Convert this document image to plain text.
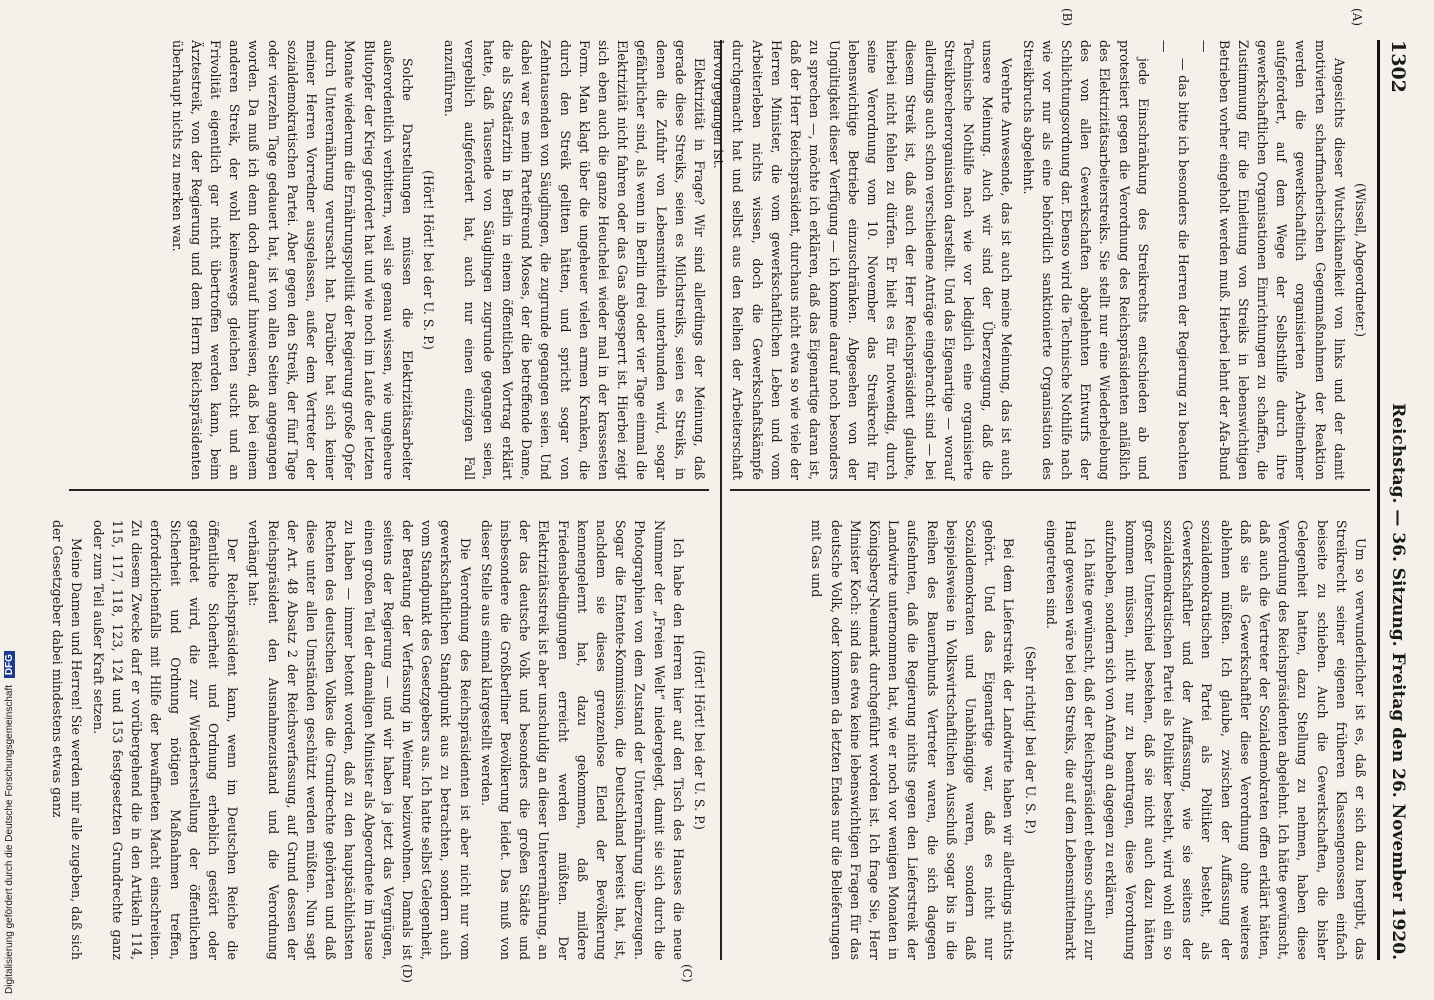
1302
Reichstag. — 36. Sitzung. Freitag den 26. November 1920.

(Wissell, Abgeordneter.)

Angesichts dieser Wutschikanelkeit von links und der damit motivierten scharfmacherischen Gegenmaßnahmen der Reaktion werden die gewerkschaftlich organisierten Arbeitnehmer aufgefordert, auf dem Wege der Selbsthilfe durch ihre gewerkschaftlichen Organisationen Einrichtungen zu schaffen, die Zustimmung für die Einleitung von Streiks in lebenswichtigen Betrieben vorher eingeholt werden muß. Hierbei lehnt der Afa-Bund —

— das bitte ich besonders die Herren der Regierung zu beachten —

jede Einschränkung des Streikrechts entschieden ab und protestiert gegen die Verordnung des Reichspräsidenten anläßlich des Elektrizitätsarbeiterstreiks. Sie stellt nur eine Wiederbelebung des von allen Gewerkschaften abgelehnten Entwurfs der Schlichtungsordnung dar. Ebenso wird die Technische Nothilfe nach wie vor nur als eine behördlich sanktionierte Organisation des Streikbruchs abgelehnt.

Verehrte Anwesende, das ist auch meine Meinung, das ist auch unsere Meinung. Auch wir sind der Überzeugung, daß die Technische Nothilfe nach wie vor lediglich eine organisierte Streikbrecherorganisation darstellt. Und das Eigenartige — worauf allerdings auch schon verschiedene Anträge eingebracht sind — bei diesem Streik ist, daß auch der Herr Reichspräsident glaubte, hierbei nicht fehlen zu dürfen. Er hielt es für notwendig, durch seine Verordnung vom 10. November das Streikrecht für lebenswichtige Betriebe einzuschränken. Abgesehen von der Ungültigkeit dieser Verfügung — ich komme darauf noch besonders zu sprechen —, möchte ich erklären, daß das Eigenartige daran ist, daß der Herr Reichspräsident, durchaus nicht etwa so wie viele der Herren Minister, die vom gewerkschaftlichen Leben und vom Arbeiterleben nichts wissen, doch die Gewerkschaftskämpfe durchgemacht hat und selbst aus den Reihen der Arbeiterschaft hervorgegangen ist.

Um so verwunderlicher ist es, daß er sich dazu hergibt, das Streikrecht seiner eigenen früheren Klassengenossen einfach beiseite zu schieben. Auch die Gewerkschaften, die bisher Gelegenheit hatten, dazu Stellung zu nehmen, haben diese Verordnung des Reichspräsidenten abgelehnt. Ich hätte gewünscht, daß auch die Vertreter der Sozialdemokraten offen erklärt hätten, daß sie als Gewerkschaftler diese Verordnung ohne weiteres ablehnen müßten. Ich glaube, zwischen der Auffassung der sozialdemokratischen Partei als Politiker besteht, als Gewerkschaftler und der Auffassung, wie sie seitens der sozialdemokratischen Partei als Politiker besteht, wird wohl ein so großer Unterschied bestehen, daß sie nicht auch dazu hätten kommen müssen, nicht nur zu beantragen, diese Verordnung aufzuheben, sondern sich von Anfang an dagegen zu erklären.

Ich hätte gewünscht, daß der Reichspräsident ebenso schnell zur Hand gewesen wäre bei den Streiks, die auf dem Lebensmittelmarkt eingetreten sind.

(Sehr richtig! bei der U. S. P.)

Bei dem Lieferstreik der Landwirte haben wir allerdings nichts gehört. Und das Eigenartige war, daß es nicht nur Sozialdemokraten und Unabhängige waren, sondern daß beispielsweise in Volkswirtschaftlichen Ausschuß sogar bis in die Reihen des Bauernbunds Vertreter waren, die sich dagegen aufsehnten, daß die Regierung nichts gegen den Lieferstreik der Landwirte unternommen hat, wie er noch vor wenigen Monaten in Königsberg-Neumark durchgeführt worden ist. Ich frage Sie, Herr Minister Koch: sind das etwa keine lebenswichtigen Fragen für das deutsche Volk, oder kommen da letzten Endes nur die Belieferungen mit Gas und

Elektrizität in Frage? Wir sind allerdings der Meinung, daß gerade diese Streiks, seien es Milchstreiks, seien es Streiks, in denen die Zufuhr von Lebensmitteln unterbunden wird, sogar gefährlicher sind, als wenn in Berlin drei oder vier Tage einmal die Elektrizität nicht fahren oder das Gas abgesperrt ist. Hierbei zeigt sich eben auch die ganze Heuchelei wieder mal in der krassesten Form. Man klagt über die ungeheuer vielen armen Kranken, die durch den Streik gelitten hätten, und spricht sogar von Zehntausenden von Säuglingen, die zugrunde gegangen seien. Und dabei war es mein Parteifreund Moses, der die betreffende Dame, die als Stadtärztin in Berlin in einem öffentlichen Vortrag erklärt hatte, daß Tausende von Säuglingen zugrunde gegangen seien, vergeblich aufgefordert hat, auch nur einen einzigen Fall anzuführen.

(Hört! Hört! bei der U. S. P.)

Solche Darstellungen müssen die Elektrizitätsarbeiter außerordentlich verbittern, weil sie genau wissen, wie ungeheure Blutopfer der Krieg gefordert hat und wie noch im Laufe der letzten Monate wiederum die Ernährungspolitik der Regierung große Opfer durch Unterernährung verursacht hat. Darüber hat sich keiner meiner Herren Vorredner ausgelassen, außer dem Vertreter der sozialdemokratischen Partei. Aber gegen den Streik, der fünf Tage oder vierzehn Tage gedauert hat, ist von allen Seiten angegangen worden. Da muß ich denn doch darauf hinweisen, daß bei einem anderen Streik, der wohl keineswegs gleichen sucht und an Frivolität eigentlich gar nicht übertroffen werden kann, beim Ärztestreik, von der Regierung und dem Herrn Reichspräsidenten überhaupt nichts zu merken war.

(Hört! Hört! bei der U. S. P.)

Ich habe den Herren hier auf den Tisch des Hauses die neue Nummer der „Freien Welt“ niedergelegt, damit sie sich durch die Photographien von dem Zustand der Unterernährung überzeugen. Sogar die Entente-Kommission, die Deutschland bereist hat, ist, nachdem sie dieses grenzenlose Elend der Bevölkerung kennengelernt hat, dazu gekommen, daß mildere Friedensbedingungen erreicht werden müßten. Der Elektrizitätsstreik ist aber unschuldig an dieser Unterernährung, an der das deutsche Volk und besonders die großen Städte und insbesondere die Großberliner Bevölkerung leidet. Das muß von dieser Stelle aus einmal klargestellt werden.

Die Verordnung des Reichspräsidenten ist aber nicht nur vom gewerkschaftlichen Standpunkt aus zu betrachten, sondern auch vom Standpunkt des Gesetzgebers aus. Ich hatte selbst Gelegenheit, der Beratung der Verfassung in Weimar beizuwohnen. Damals ist seitens der Regierung — und wir haben ja jetzt das Vergnügen, einen großen Teil der damaligen Minister als Abgeordnete im Hause zu haben — immer betont worden, daß zu den hauptsächlichsten Rechten des deutschen Volkes die Grundrechte gehörten und daß diese unter allen Umständen geschützt werden müßten. Nun sagt der Art. 48 Absatz 2 der Reichsverfassung, auf Grund dessen der Reichspräsident den Ausnahmezustand und die Verordnung verhängt hat:

Der Reichspräsident kann, wenn im Deutschen Reiche die öffentliche Sicherheit und Ordnung erheblich gestört oder gefährdet wird, die zur Wiederherstellung der öffentlichen Sicherheit und Ordnung nötigen Maßnahmen treffen, erforderlichenfalls mit Hilfe der bewaffneten Macht einschreiten. Zu diesem Zwecke darf er vorübergehend die in den Artikeln 114, 115, 117, 118, 123, 124 und 153 festgesetzten Grundrechte ganz oder zum Teil außer Kraft setzen.

Meine Damen und Herren! Sie werden mir alle zugeben, daß sich der Gesetzgeber dabei mindestens etwas ganz

(A)
(B)
(C)
(D)
Digitalisierung gefördert durch die Deutsche Forschungsgemeinschaft DFG
